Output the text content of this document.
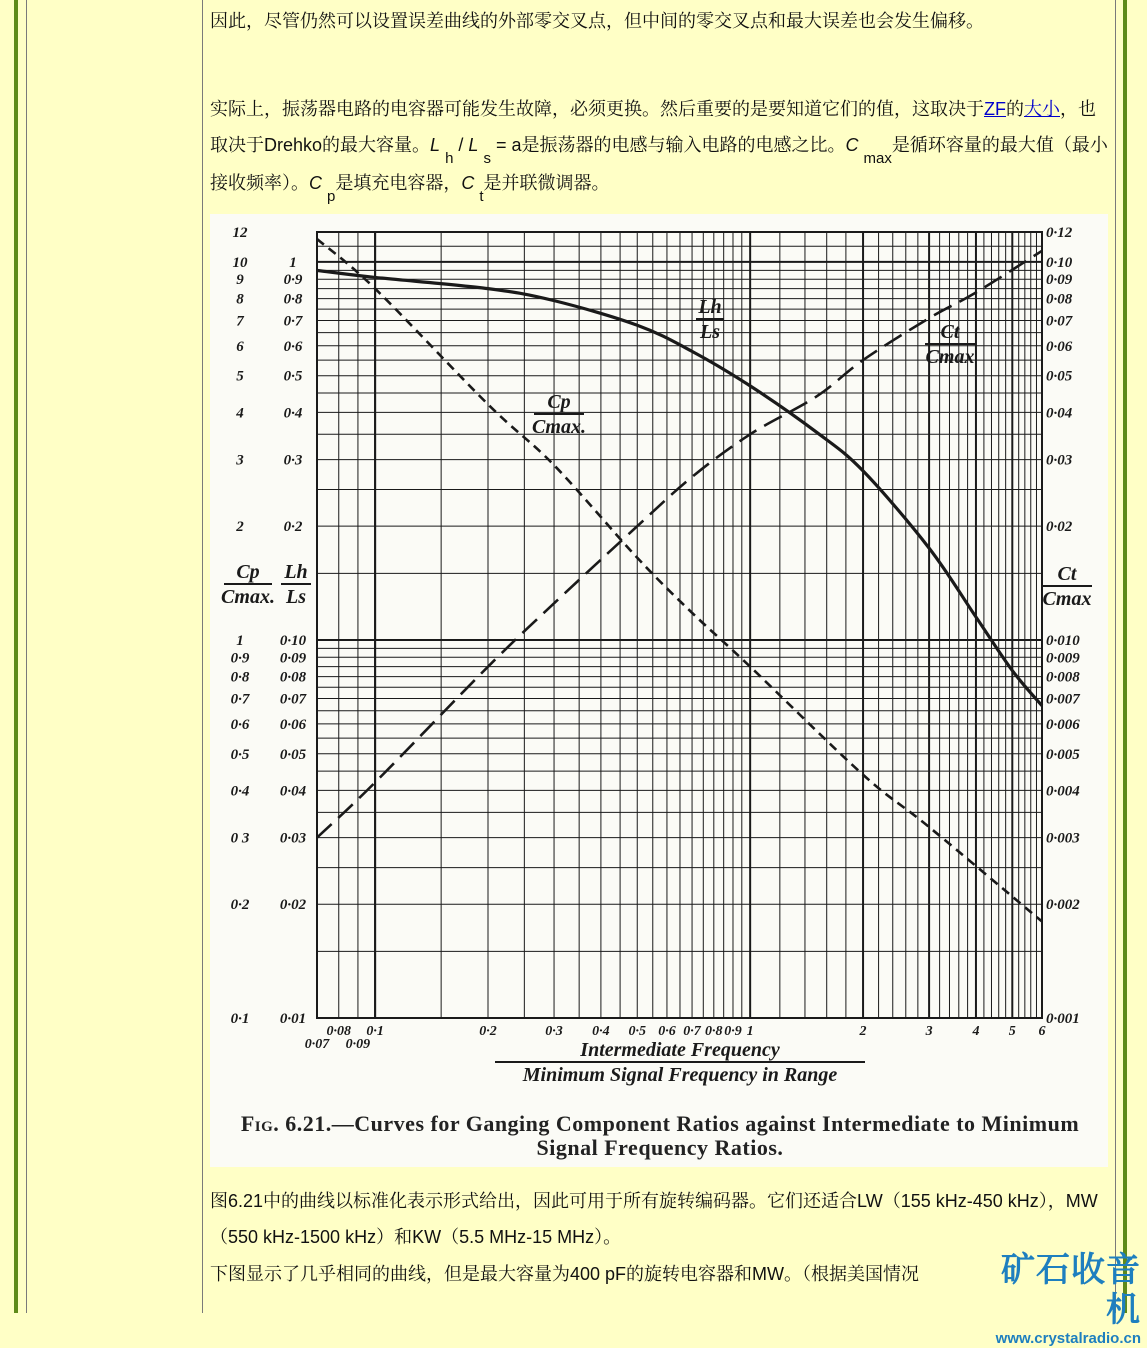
因此，尽管仍然可以设置误差曲线的外部零交叉点，但中间的零交叉点和最大误差也会发生偏移。

实际上，振荡器电路的电容器可能发生故障，必须更换。然后重要的是要知道它们的值，这取决于ZF的大小，也取决于Drehko的最大容量。L $_h$ / L $_s$ = a是振荡器的电感与输入电路的电感之比。C $_{max}$是循环容量的最大值（最小接收频率）。C $_p$是填充电容器，C $_t$是并联微调器。

图6.21中的曲线以标准化表示形式给出，因此可用于所有旋转编码器。它们还适合LW（155 kHz-450 kHz），MW（550 kHz-1500 kHz）和KW（5.5 MHz-15 MHz）。

下图显示了几乎相同的曲线，但是最大容量为400 pF的旋转电容器和MW。（根据美国情况

12
10
9
8
7
6
5
4
3
2
1
0·9
0·8
0·7
0·6
0·5
0·4
0 3
0·2
0·1
1
0·9
0·8
0·7
0·6
0·5
0·4
0·3
0·2
0·10
0·09
0·08
0·07
0·06
0·05
0·04
0·03
0·02
0·01
0·12
0·10
0·09
0·08
0·07
0·06
0·05
0·04
0·03
0·02
0·010
0·009
0·008
0·007
0·006
0·005
0·004
0·003
0·002
0·001
0·07
0·08
0·09
0·1	0·2	0·3 0·4 0·5 0·6 0·7 0·8 0·9 1	2	3	4 5 6
Cp
Cmax.
Lh
Ls
Ct
Cmax
Lh
Ls	Ct
Cmax
Cp
Cmax.
Intermediate Frequency
Minimum Signal Frequency in Range
Fig. 6.21.—Curves for Ganging Component Ratios against Intermediate to Minimum Signal Frequency Ratios.
矿石收音机
www.crystalradio.cn
